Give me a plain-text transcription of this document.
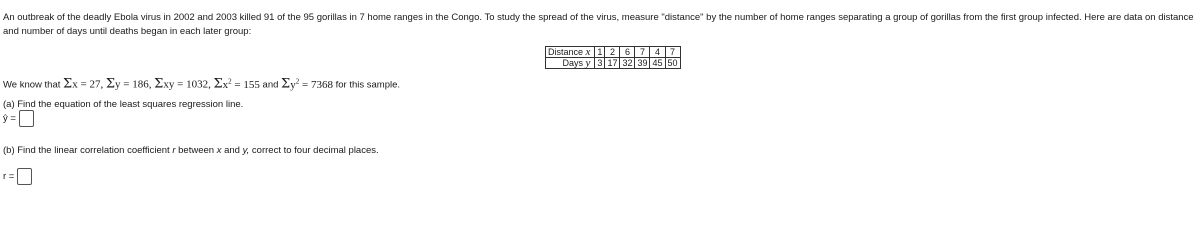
An outbreak of the deadly Ebola virus in 2002 and 2003 killed 91 of the 95 gorillas in 7 home ranges in the Congo. To study the spread of the virus, measure "distance" by the number of home ranges separating a group of gorillas from the first group infected. Here are data on distance and number of days until deaths began in each later group:
Distance x	1	2	6	7	4	7
Days y	3	17	32	39	45	50
We know that Σx = 27, Σy = 186, Σxy = 1032, $\Sigma x^2 = 155$ and $\Sigma y^2 = 7368$ for this sample.
(a) Find the equation of the least squares regression line.
ŷ =
(b) Find the linear correlation coefficient r between x and y, correct to four decimal places.
r =
